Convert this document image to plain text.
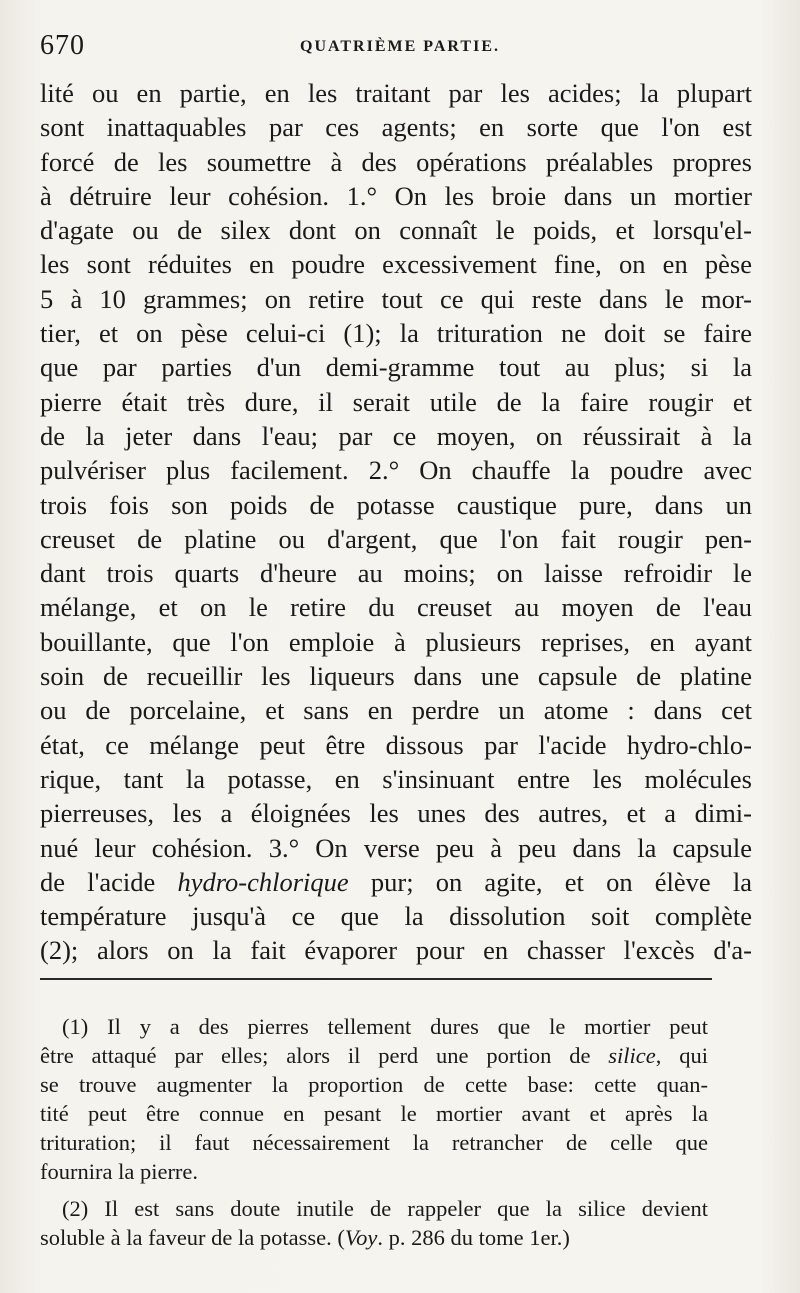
670	QUATRIÈME PARTIE.
lité ou en partie, en les traitant par les acides; la plupart
sont inattaquables par ces agents; en sorte que l'on est
forcé de les soumettre à des opérations préalables propres
à détruire leur cohésion. 1.° On les broie dans un mortier
d'agate ou de silex dont on connaît le poids, et lorsqu'el-
les sont réduites en poudre excessivement fine, on en pèse
5 à 10 grammes; on retire tout ce qui reste dans le mor-
tier, et on pèse celui-ci (1); la trituration ne doit se faire
que par parties d'un demi-gramme tout au plus; si la
pierre était très dure, il serait utile de la faire rougir et
de la jeter dans l'eau; par ce moyen, on réussirait à la
pulvériser plus facilement. 2.° On chauffe la poudre avec
trois fois son poids de potasse caustique pure, dans un
creuset de platine ou d'argent, que l'on fait rougir pen-
dant trois quarts d'heure au moins; on laisse refroidir le
mélange, et on le retire du creuset au moyen de l'eau
bouillante, que l'on emploie à plusieurs reprises, en ayant
soin de recueillir les liqueurs dans une capsule de platine
ou de porcelaine, et sans en perdre un atome : dans cet
état, ce mélange peut être dissous par l'acide hydro-chlo-
rique, tant la potasse, en s'insinuant entre les molécules
pierreuses, les a éloignées les unes des autres, et a dimi-
nué leur cohésion. 3.° On verse peu à peu dans la capsule
de l'acide hydro-chlorique pur; on agite, et on élève la
température jusqu'à ce que la dissolution soit complète
(2); alors on la fait évaporer pour en chasser l'excès d'a-
(1) Il y a des pierres tellement dures que le mortier peut
être attaqué par elles; alors il perd une portion de silice, qui
se trouve augmenter la proportion de cette base: cette quan-
tité peut être connue en pesant le mortier avant et après la
trituration; il faut nécessairement la retrancher de celle que
fournira la pierre.
(2) Il est sans doute inutile de rappeler que la silice devient
soluble à la faveur de la potasse. (Voy. p. 286 du tome 1er.)
